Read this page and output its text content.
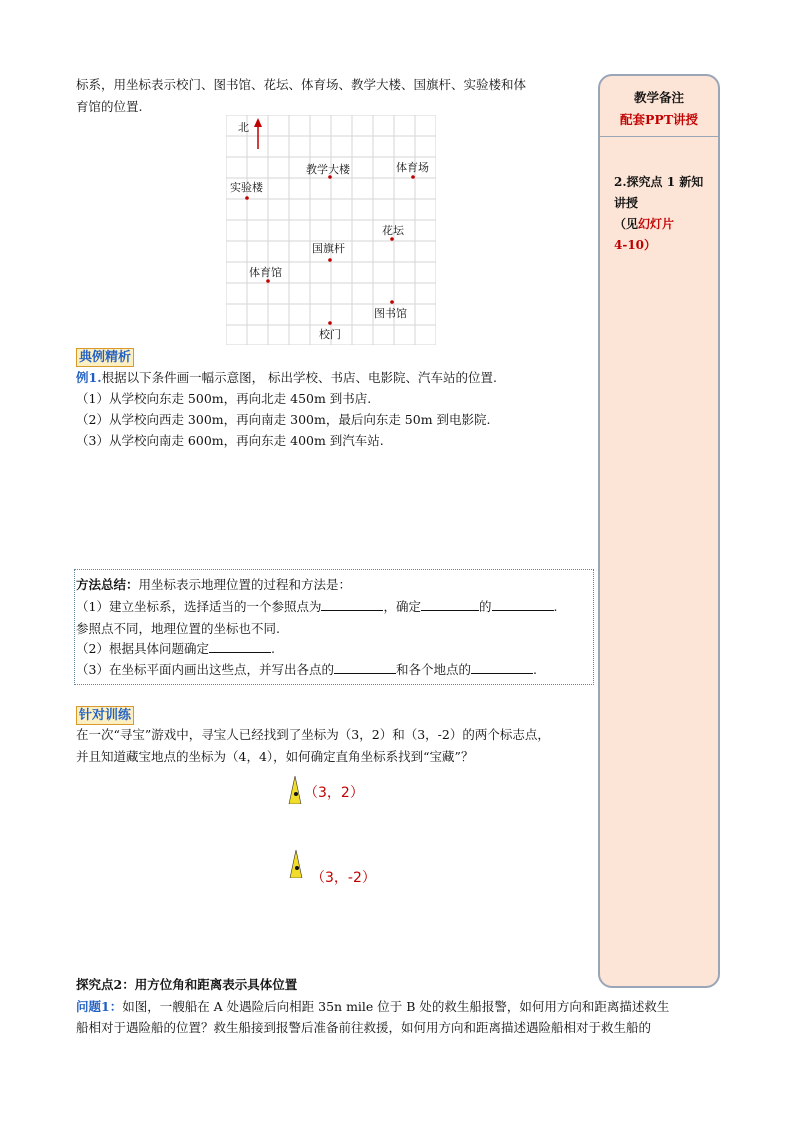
标系，用坐标表示校门、图书馆、花坛、体育场、教学大楼、国旗杆、实验楼和体
育馆的位置.
北
教学大楼	体育场
实验楼
花坛
国旗杆
体育馆
图书馆
校门
典例精析
例1.根据以下条件画一幅示意图， 标出学校、书店、电影院、汽车站的位置.
（1）从学校向东走 500m，再向北走 450m 到书店.
（2）从学校向西走 300m，再向南走 300m，最后向东走 50m 到电影院.
（3）从学校向南走 600m，再向东走 400m 到汽车站.
方法总结：用坐标表示地理位置的过程和方法是：
（1）建立坐标系，选择适当的一个参照点为	，确定	的	.
参照点不同，地理位置的坐标也不同.
（2）根据具体问题确定	.
（3）在坐标平面内画出这些点，并写出各点的	和各个地点的	.
针对训练
在一次“寻宝”游戏中，寻宝人已经找到了坐标为（3，2）和（3，-2）的两个标志点，
并且知道藏宝地点的坐标为（4，4），如何确定直角坐标系找到“宝藏”？
（3，2）
（3，-2）
探究点2：用方位角和距离表示具体位置
问题1：如图，一艘船在 A 处遇险后向相距 35n mile 位于 B 处的救生船报警，如何用方向和距离描述救生
船相对于遇险船的位置？救生船接到报警后准备前往救援，如何用方向和距离描述遇险船相对于救生船的
教学备注
配套PPT讲授
2.探究点 1 新知讲授
（见幻灯片
4-10）
